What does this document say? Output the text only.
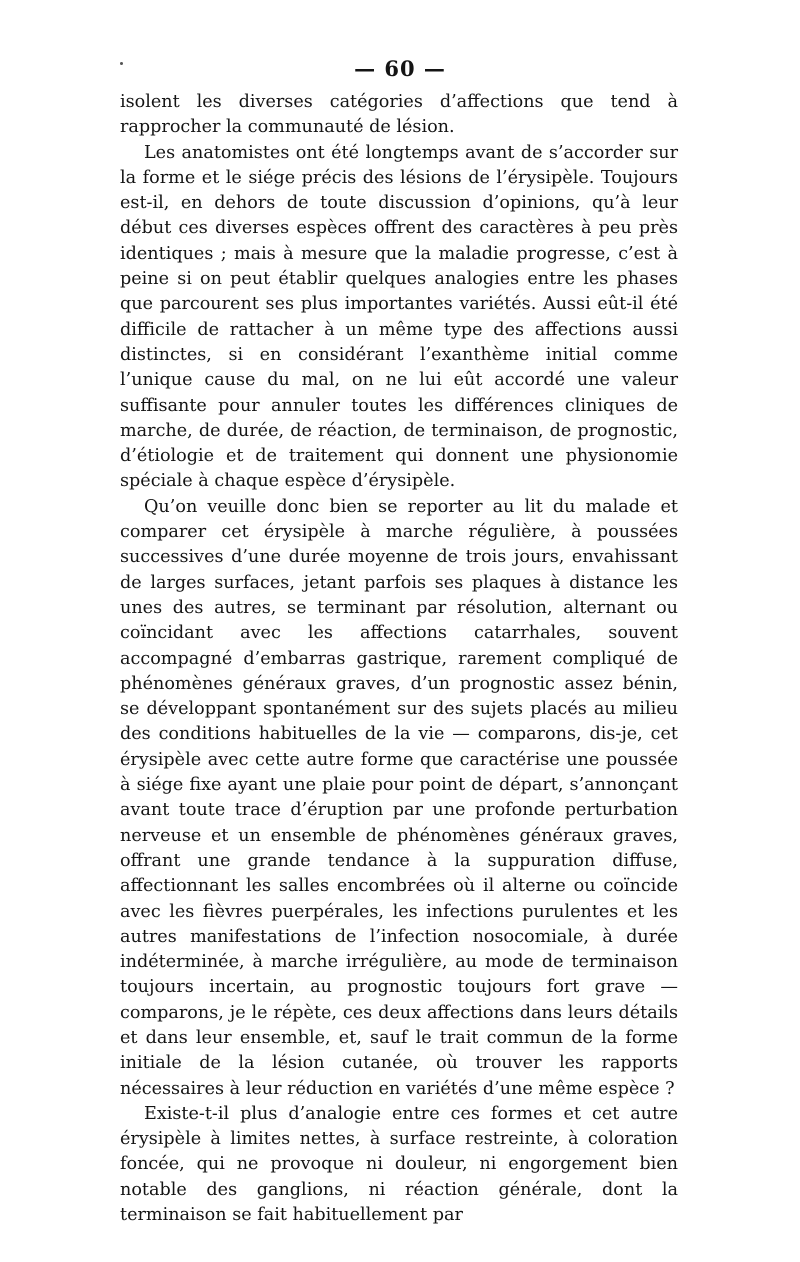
— 60 —

isolent les diverses catégories d’affections que tend à rapprocher la communauté de lésion.

Les anatomistes ont été longtemps avant de s’accorder sur la forme et le siége précis des lésions de l’érysipèle. Toujours est-il, en dehors de toute discussion d’opinions, qu’à leur début ces diverses espèces offrent des caractères à peu près identiques ; mais à mesure que la maladie progresse, c’est à peine si on peut établir quelques analogies entre les phases que parcourent ses plus importantes variétés. Aussi eût-il été difficile de rattacher à un même type des affections aussi distinctes, si en considérant l’exanthème initial comme l’unique cause du mal, on ne lui eût accordé une valeur suffisante pour annuler toutes les différences cliniques de marche, de durée, de réaction, de terminaison, de prognostic, d’étiologie et de traitement qui donnent une physionomie spéciale à chaque espèce d’érysipèle.

Qu’on veuille donc bien se reporter au lit du malade et comparer cet érysipèle à marche régulière, à poussées successives d’une durée moyenne de trois jours, envahissant de larges surfaces, jetant parfois ses plaques à distance les unes des autres, se terminant par résolution, alternant ou coïncidant avec les affections catarrhales, souvent accompagné d’embarras gastrique, rarement compliqué de phénomènes généraux graves, d’un prognostic assez bénin, se développant spontanément sur des sujets placés au milieu des conditions habituelles de la vie — comparons, dis-je, cet érysipèle avec cette autre forme que caractérise une poussée à siége fixe ayant une plaie pour point de départ, s’annonçant avant toute trace d’éruption par une profonde perturbation nerveuse et un ensemble de phénomènes généraux graves, offrant une grande tendance à la suppuration diffuse, affectionnant les salles encombrées où il alterne ou coïncide avec les fièvres puerpérales, les infections purulentes et les autres manifestations de l’infection nosocomiale, à durée indéterminée, à marche irrégulière, au mode de terminaison toujours incertain, au prognostic toujours fort grave — comparons, je le répète, ces deux affections dans leurs détails et dans leur ensemble, et, sauf le trait commun de la forme initiale de la lésion cutanée, où trouver les rapports nécessaires à leur réduction en variétés d’une même espèce ?

Existe-t-il plus d’analogie entre ces formes et cet autre érysipèle à limites nettes, à surface restreinte, à coloration foncée, qui ne provoque ni douleur, ni engorgement bien notable des ganglions, ni réaction générale, dont la terminaison se fait habituellement par
